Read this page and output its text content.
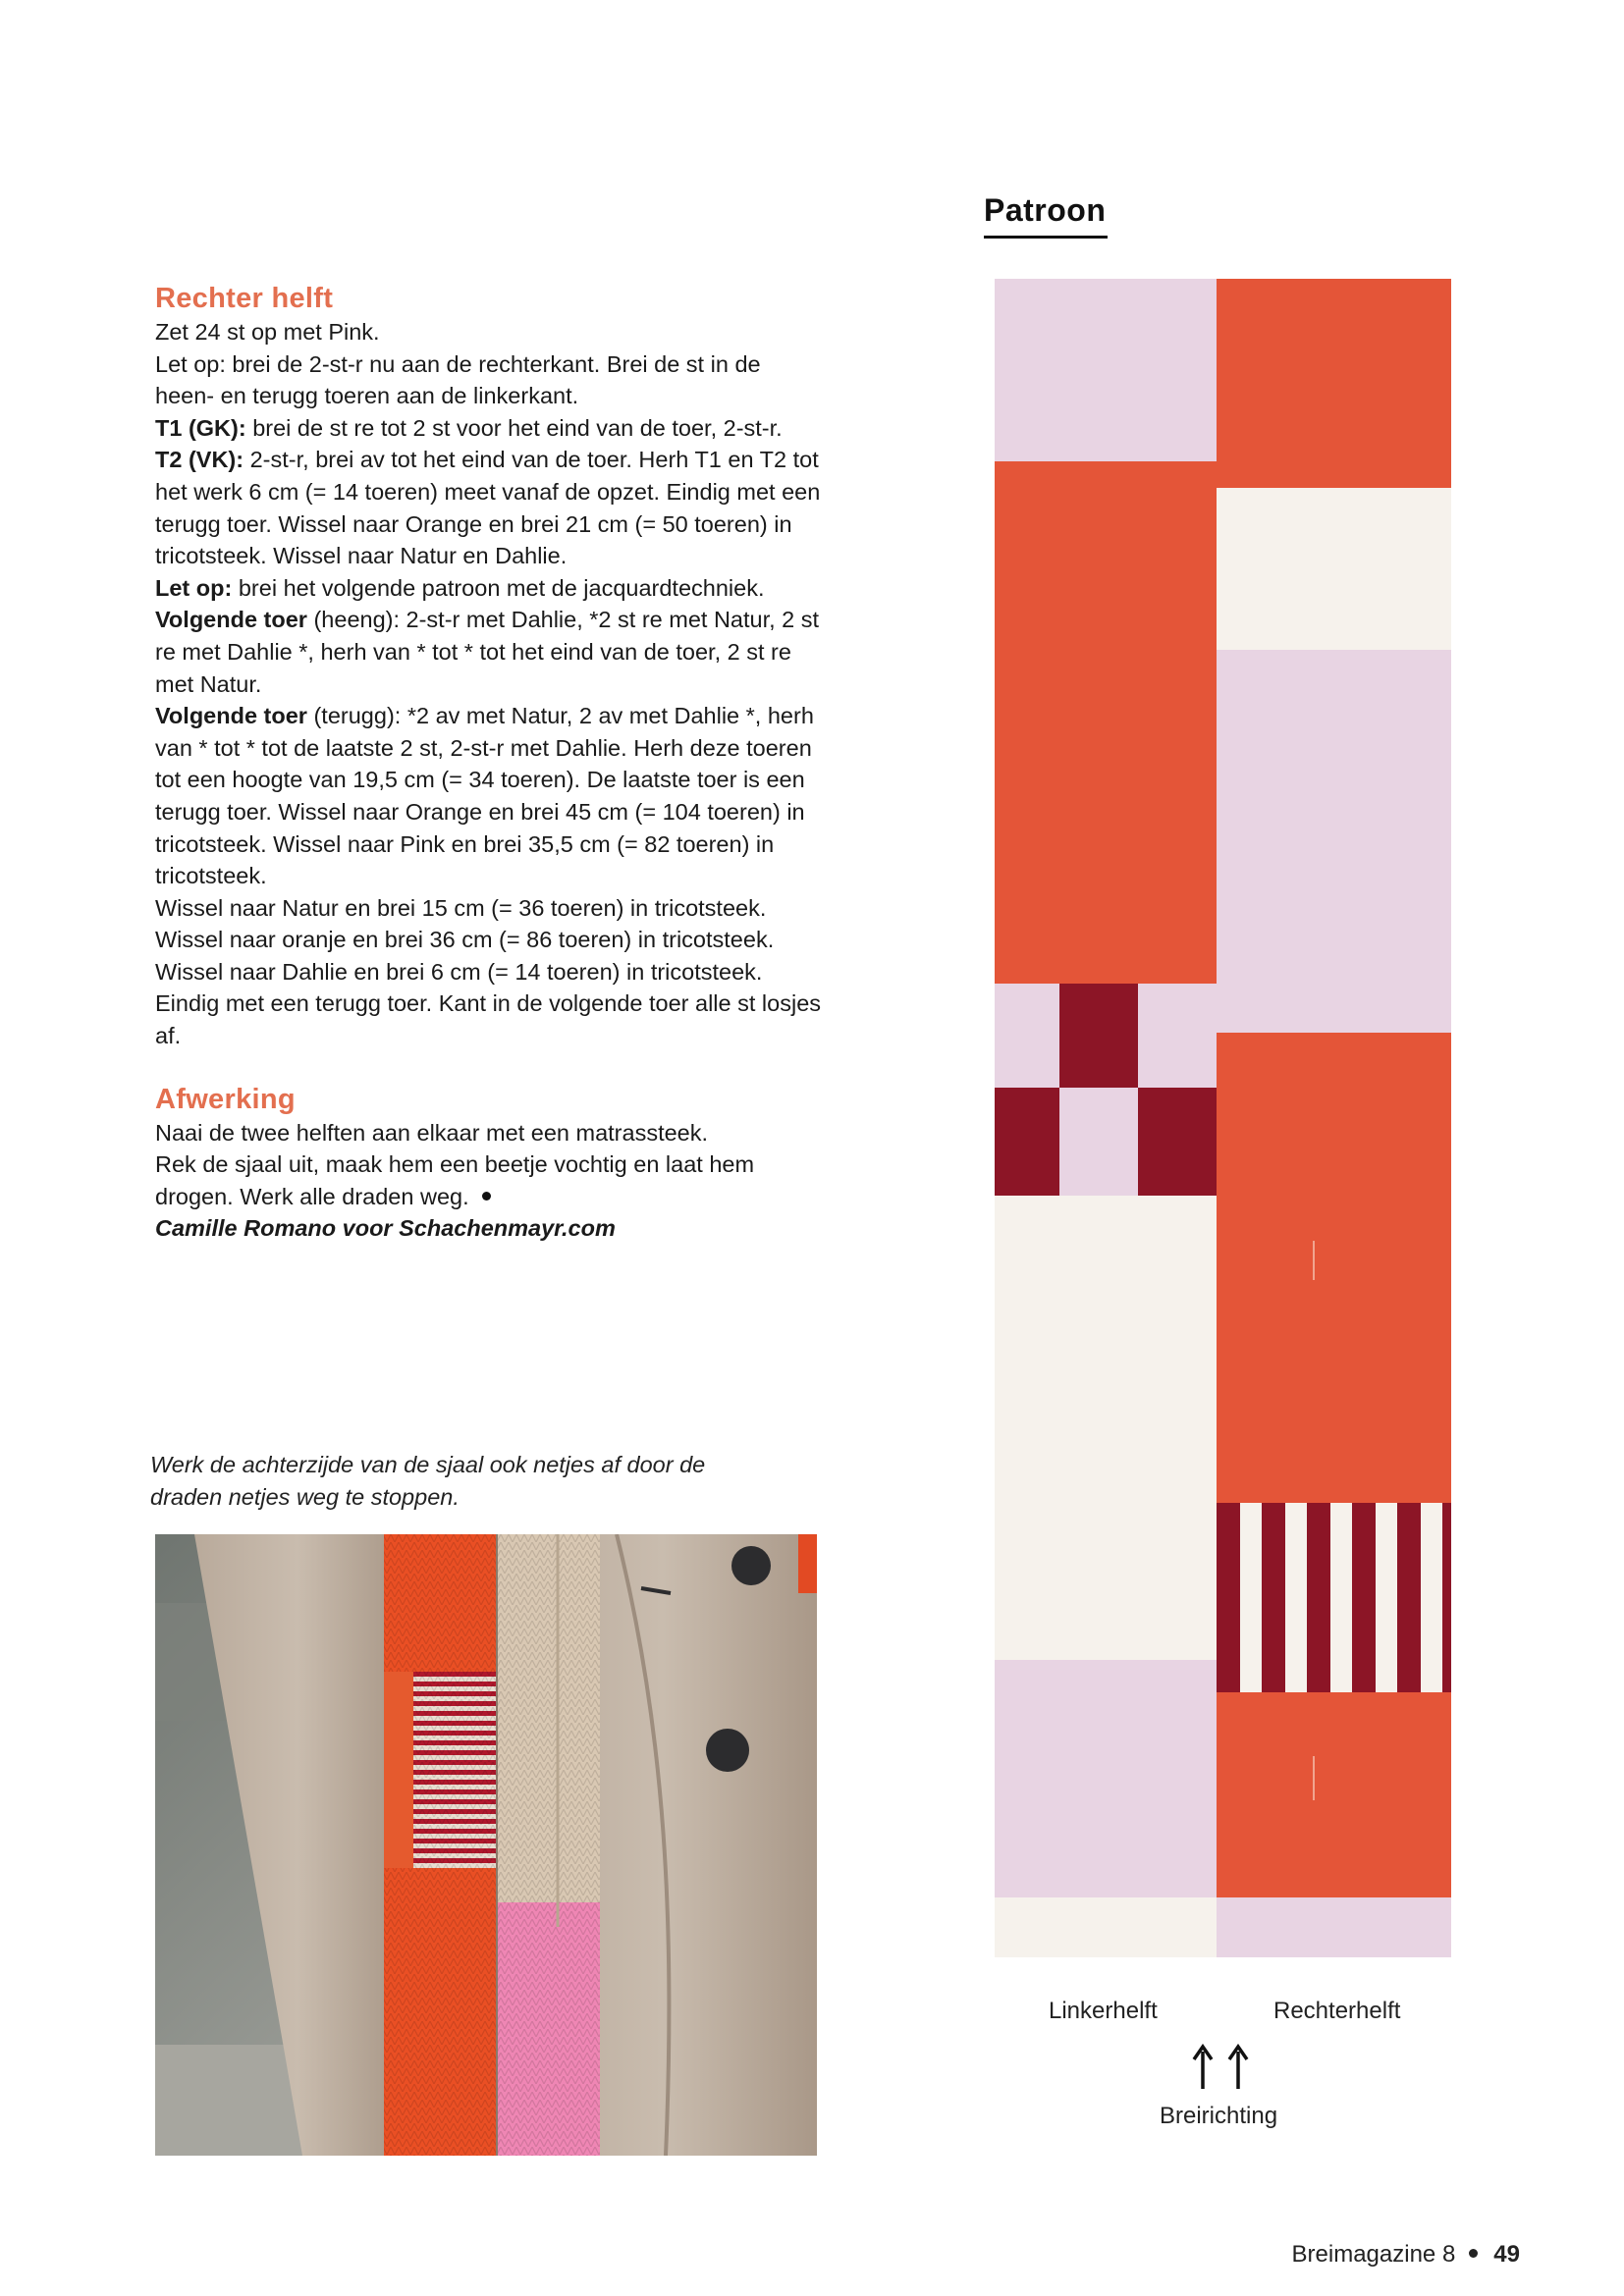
Patroon
Rechter helft

Zet 24 st op met Pink.

Let op: brei de 2-st-r nu aan de rechterkant. Brei de st in de heen- en terugg toeren aan de linkerkant.

T1 (GK): brei de st re tot 2 st voor het eind van de toer, 2-st-r.

T2 (VK): 2-st-r, brei av tot het eind van de toer. Herh T1 en T2 tot het werk 6 cm (= 14 toeren) meet vanaf de opzet. Eindig met een terugg toer. Wissel naar Orange en brei 21 cm (= 50 toeren) in tricotsteek. Wissel naar Natur en Dahlie.

Let op: brei het volgende patroon met de jacquardtechniek.

Volgende toer (heeng): 2-st-r met Dahlie, *2 st re met Natur, 2 st re met Dahlie *, herh van * tot * tot het eind van de toer, 2 st re met Natur.

Volgende toer (terugg): *2 av met Natur, 2 av met Dahlie *, herh van * tot * tot de laatste 2 st, 2-st-r met Dahlie. Herh deze toeren tot een hoogte van 19,5 cm (= 34 toeren). De laatste toer is een terugg toer. Wissel naar Orange en brei 45 cm (= 104 toeren) in tricotsteek. Wissel naar Pink en brei 35,5 cm (= 82 toeren) in tricotsteek.

Wissel naar Natur en brei 15 cm (= 36 toeren) in tricotsteek.

Wissel naar oranje en brei 36 cm (= 86 toeren) in tricotsteek.

Wissel naar Dahlie en brei 6 cm (= 14 toeren) in tricotsteek.

Eindig met een terugg toer. Kant in de volgende toer alle st losjes af.

Afwerking

Naai de twee helften aan elkaar met een matrassteek.

Rek de sjaal uit, maak hem een beetje vochtig en laat hem drogen. Werk alle draden weg.

Camille Romano voor Schachenmayr.com

Werk de achterzijde van de sjaal ook netjes af door de draden netjes weg te stoppen.
Linkerhelft	Rechterhelft
Breirichting
Breimagazine 8 49
